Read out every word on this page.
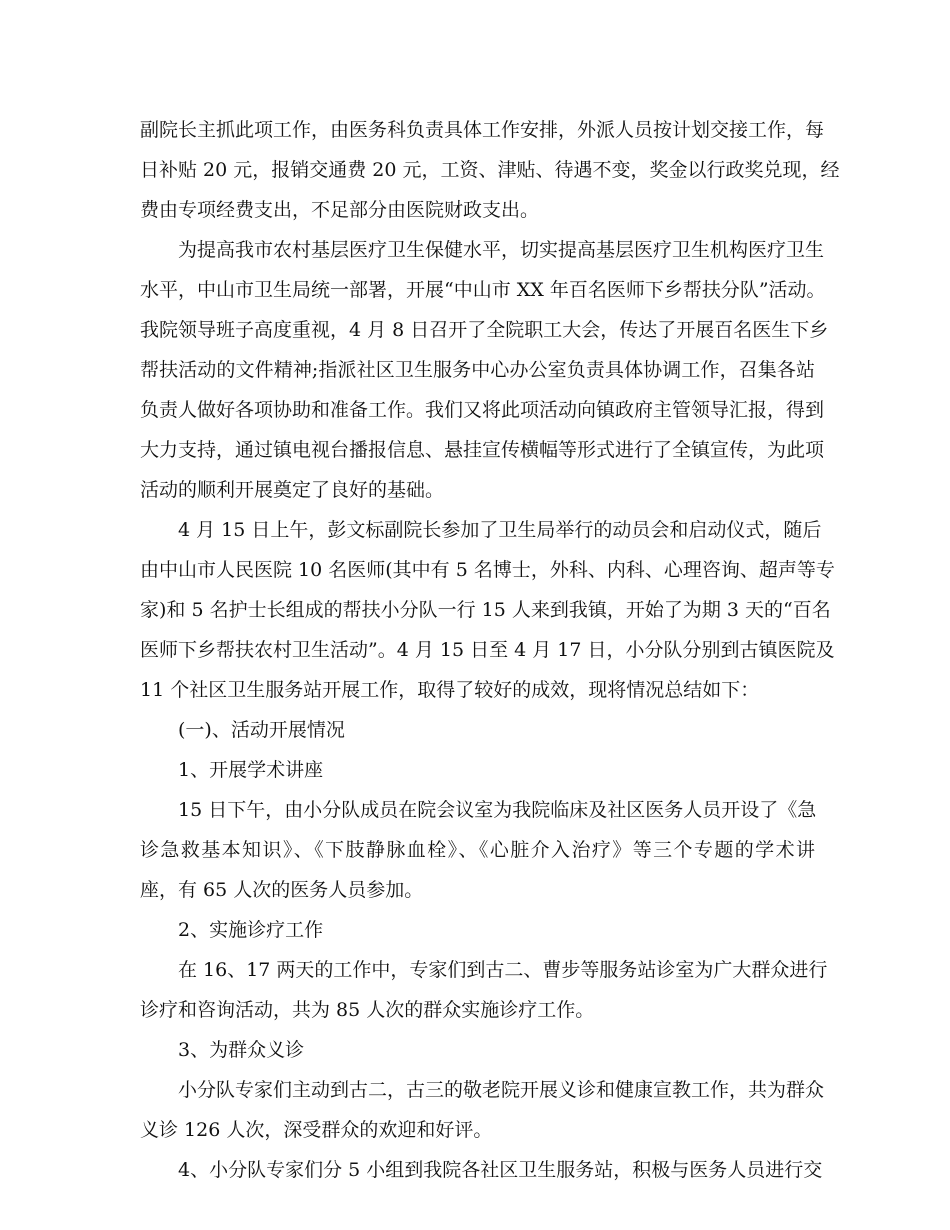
副院长主抓此项工作，由医务科负责具体工作安排，外派人员按计划交接工作，每
日补贴 20 元，报销交通费 20 元，工资、津贴、待遇不变，奖金以行政奖兑现，经
费由专项经费支出，不足部分由医院财政支出。
为提高我市农村基层医疗卫生保健水平，切实提高基层医疗卫生机构医疗卫生
水平，中山市卫生局统一部署，开展“中山市 XX 年百名医师下乡帮扶分队”活动。
我院领导班子高度重视，4 月 8 日召开了全院职工大会，传达了开展百名医生下乡
帮扶活动的文件精神;指派社区卫生服务中心办公室负责具体协调工作，召集各站
负责人做好各项协助和准备工作。我们又将此项活动向镇政府主管领导汇报，得到
大力支持，通过镇电视台播报信息、悬挂宣传横幅等形式进行了全镇宣传，为此项
活动的顺利开展奠定了良好的基础。
4 月 15 日上午，彭文标副院长参加了卫生局举行的动员会和启动仪式，随后
由中山市人民医院 10 名医师(其中有 5 名博士，外科、内科、心理咨询、超声等专
家)和 5 名护士长组成的帮扶小分队一行 15 人来到我镇，开始了为期 3 天的“百名
医师下乡帮扶农村卫生活动”。4 月 15 日至 4 月 17 日，小分队分别到古镇医院及
11 个社区卫生服务站开展工作，取得了较好的成效，现将情况总结如下：
(一)、活动开展情况
1、开展学术讲座
15 日下午，由小分队成员在院会议室为我院临床及社区医务人员开设了《急
诊急救基本知识》、《下肢静脉血栓》、《心脏介入治疗》等三个专题的学术讲
座，有 65 人次的医务人员参加。
2、实施诊疗工作
在 16、17 两天的工作中，专家们到古二、曹步等服务站诊室为广大群众进行
诊疗和咨询活动，共为 85 人次的群众实施诊疗工作。
3、为群众义诊
小分队专家们主动到古二，古三的敬老院开展义诊和健康宣教工作，共为群众
义诊 126 人次，深受群众的欢迎和好评。
4、小分队专家们分 5 小组到我院各社区卫生服务站，积极与医务人员进行交
